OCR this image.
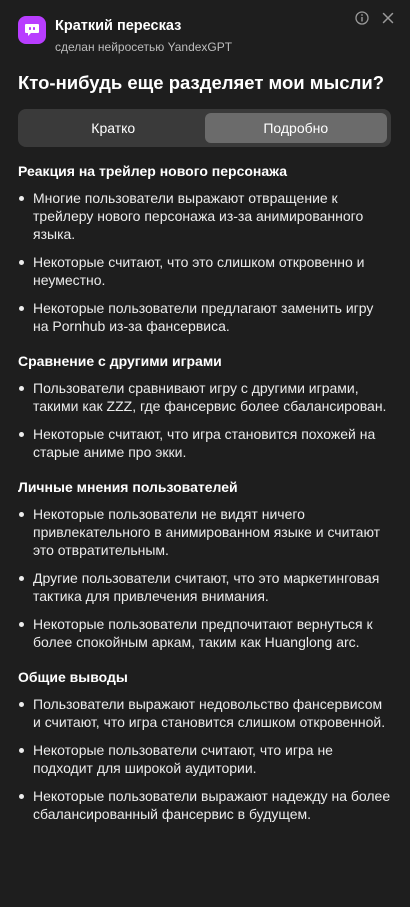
Краткий пересказ
сделан нейросетью YandexGPT
Кто-нибудь еще разделяет мои мысли?
Кратко	Подробно
Реакция на трейлер нового персонажа
Многие пользователи выражают отвращение к трейлеру нового персонажа из-за анимированного языка.
Некоторые считают, что это слишком откровенно и неуместно.
Некоторые пользователи предлагают заменить игру на Pornhub из-за фансервиса.
Сравнение с другими играми
Пользователи сравнивают игру с другими играми, такими как ZZZ, где фансервис более сбалансирован.
Некоторые считают, что игра становится похожей на старые аниме про экки.
Личные мнения пользователей
Некоторые пользователи не видят ничего привлекательного в анимированном языке и считают это отвратительным.
Другие пользователи считают, что это маркетинговая тактика для привлечения внимания.
Некоторые пользователи предпочитают вернуться к более спокойным аркам, таким как Huanglong arc.
Общие выводы
Пользователи выражают недовольство фансервисом и считают, что игра становится слишком откровенной.
Некоторые пользователи считают, что игра не подходит для широкой аудитории.
Некоторые пользователи выражают надежду на более сбалансированный фансервис в будущем.
